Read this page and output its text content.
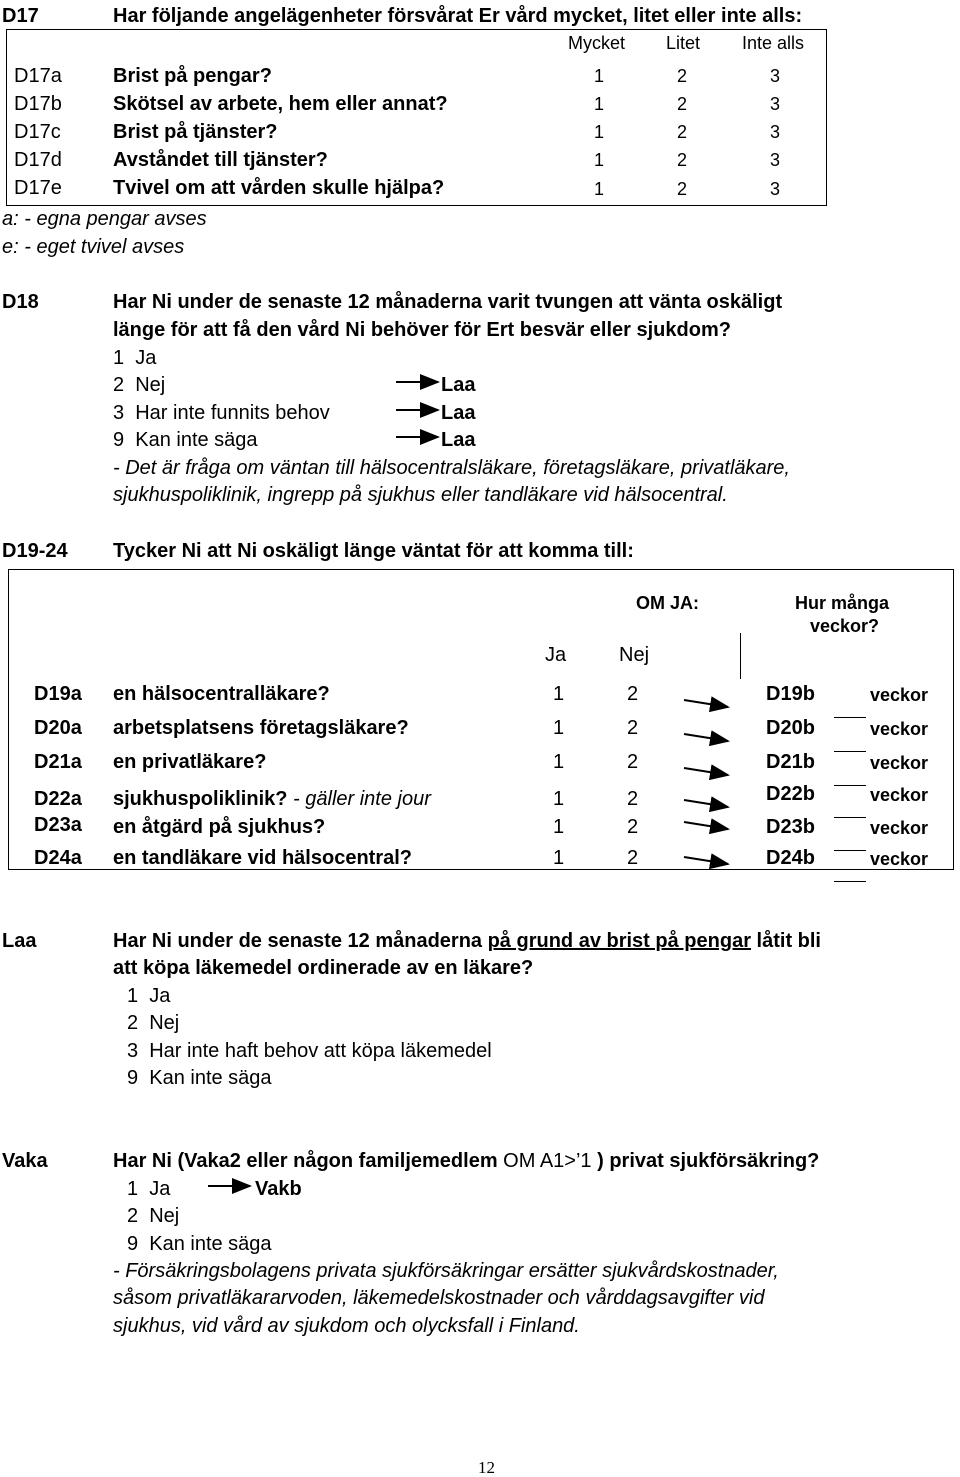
D17	Har följande angelägenheter försvårat Er vård mycket, litet eller inte alls:
Mycket Litet Inte alls
D17a	Brist på pengar?	1	2	3
D17b	Skötsel av arbete, hem eller annat?	1	2	3
D17c	Brist på tjänster?	1	2	3
D17d	Avståndet till tjänster?	1	2	3
D17e	Tvivel om att vården skulle hjälpa?	1	2	3
a: - egna pengar avses
e: - eget tvivel avses
D18	Har Ni under de senaste 12 månaderna varit tvungen att vänta oskäligt
länge för att få den vård Ni behöver för Ert besvär eller sjukdom?
1  Ja
2  Nej
3  Har inte funnits behov
9  Kan inte säga
Laa
Laa
Laa
- Det är fråga om väntan till hälsocentralsläkare, företagsläkare, privatläkare,
sjukhuspoliklinik, ingrepp på sjukhus eller tandläkare vid hälsocentral.
D19-24 Tycker Ni att Ni oskäligt länge väntat för att komma till:
OM JA:	Hur många
veckor?
Ja	Nej
D19a en hälsocentralläkare?	1	2	D19b	veckor
D20a arbetsplatsens företagsläkare?	1	2	D20b	veckor
D21a en privatläkare?	1	2	D21b	veckor
D22a sjukhuspoliklinik? - gäller inte jour	1	2	D22b	veckor
D23a en åtgärd på sjukhus?	1	2	D23b	veckor
D24a en tandläkare vid hälsocentral?	1	2	D24b	veckor
Laa	Har Ni under de senaste 12 månaderna på grund av brist på pengar låtit bli
att köpa läkemedel ordinerade av en läkare?
1  Ja
2  Nej
3  Har inte haft behov att köpa läkemedel
9  Kan inte säga
Vaka	Har Ni (Vaka2 eller någon familjemedlem OM A1>’1 ) privat sjukförsäkring?
1  Ja	Vakb
2  Nej
9  Kan inte säga
- Försäkringsbolagens privata sjukförsäkringar ersätter sjukvårdskostnader,
såsom privatläkararvoden, läkemedelskostnader och vårddagsavgifter vid
sjukhus, vid vård av sjukdom och olycksfall i Finland.
12
